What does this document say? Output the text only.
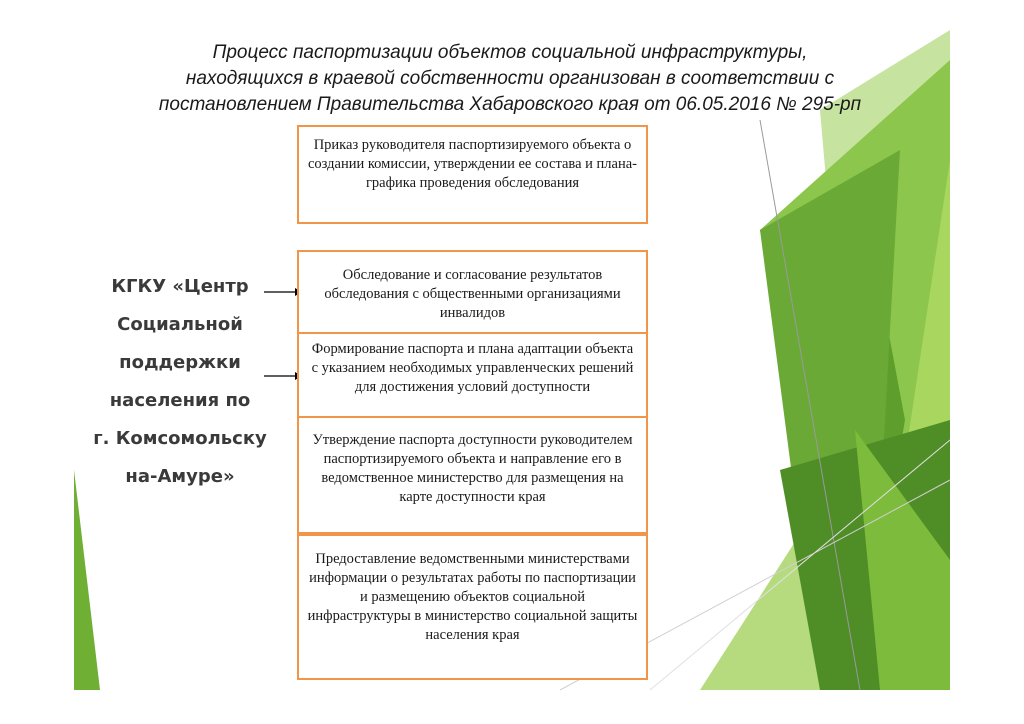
Процесс паспортизации объектов социальной инфраструктуры,
находящихся в краевой собственности организован в соответствии с
постановлением Правительства Хабаровского края от 06.05.2016 № 295-рп
КГКУ «Центр
Социальной
поддержки
населения по
г. Комсомольску
на-Амуре»
Приказ руководителя паспортизируемого объекта о создании комиссии, утверждении ее состава и плана-графика проведения обследования
Обследование и согласование результатов обследования с общественными организациями инвалидов
Формирование паспорта и плана адаптации объекта с указанием необходимых управленческих решений для достижения условий доступности
Утверждение паспорта доступности руководителем паспортизируемого объекта и направление его в ведомственное министерство для размещения на карте доступности края
Предоставление ведомственными министерствами информации о результатах работы по паспортизации и размещению объектов социальной инфраструктуры в министерство социальной защиты населения края
